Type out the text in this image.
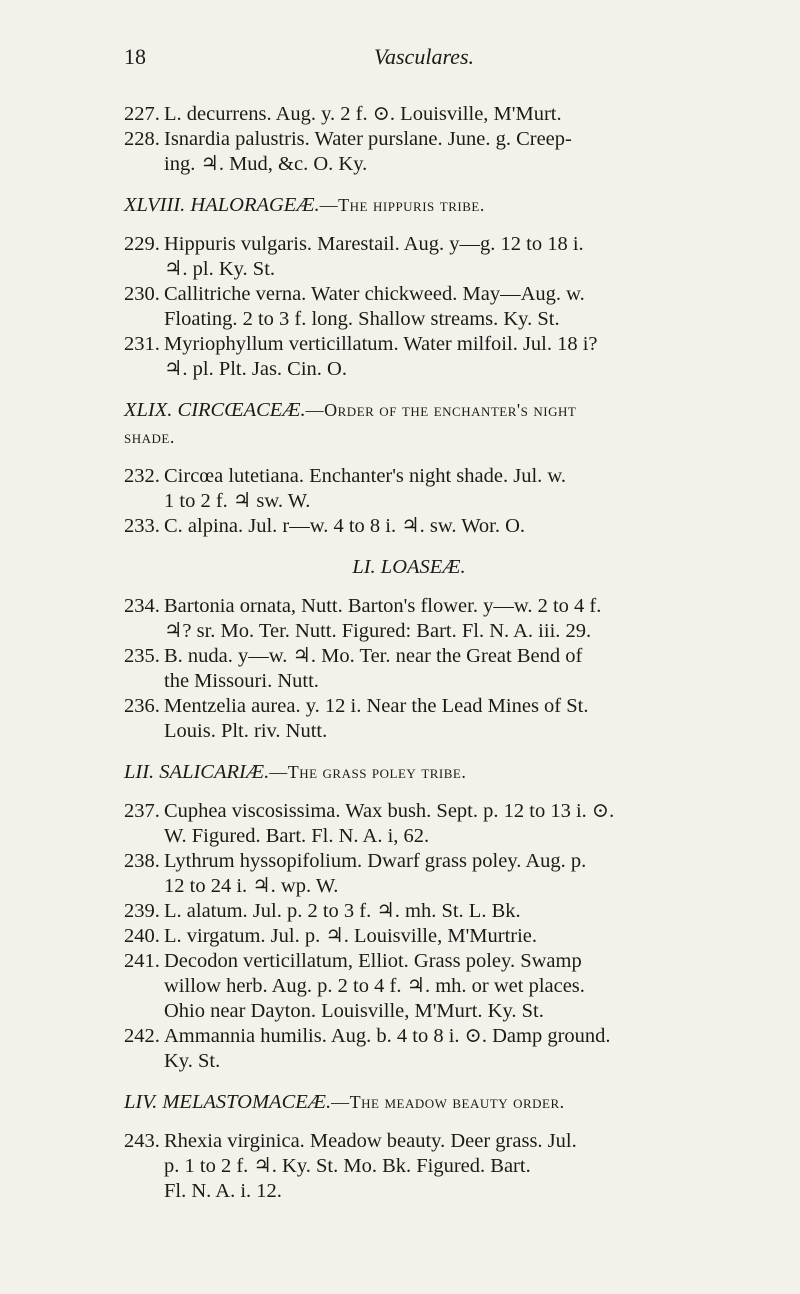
18	Vasculares.
227. L. decurrens. Aug. y. 2 f. ⊙. Louisville, M'Murt.
228. Isnardia palustris. Water purslane. June. g. Creep-
ing. ♃. Mud, &c. O. Ky.
XLVIII. HALORAGEÆ.—The hippuris tribe.
229. Hippuris vulgaris. Marestail. Aug. y—g. 12 to 18 i.
♃. pl. Ky. St.
230. Callitriche verna. Water chickweed. May—Aug. w.
Floating. 2 to 3 f. long. Shallow streams. Ky. St.
231. Myriophyllum verticillatum. Water milfoil. Jul. 18 i?
♃. pl. Plt. Jas. Cin. O.
XLIX. CIRCŒACEÆ.—Order of the enchanter's night
shade.
232. Circœa lutetiana. Enchanter's night shade. Jul. w.
1 to 2 f. ♃ sw. W.
233. C. alpina. Jul. r—w. 4 to 8 i. ♃. sw. Wor. O.
LI. LOASEÆ.
234. Bartonia ornata, Nutt. Barton's flower. y—w. 2 to 4 f.
♃? sr. Mo. Ter. Nutt. Figured: Bart. Fl. N. A. iii. 29.
235. B. nuda. y—w. ♃. Mo. Ter. near the Great Bend of
the Missouri. Nutt.
236. Mentzelia aurea. y. 12 i. Near the Lead Mines of St.
Louis. Plt. riv. Nutt.
LII. SALICARIÆ.—The grass poley tribe.
237. Cuphea viscosissima. Wax bush. Sept. p. 12 to 13 i. ⊙.
W. Figured. Bart. Fl. N. A. i, 62.
238. Lythrum hyssopifolium. Dwarf grass poley. Aug. p.
12 to 24 i. ♃. wp. W.
239. L. alatum. Jul. p. 2 to 3 f. ♃. mh. St. L. Bk.
240. L. virgatum. Jul. p. ♃. Louisville, M'Murtrie.
241. Decodon verticillatum, Elliot. Grass poley. Swamp
willow herb. Aug. p. 2 to 4 f. ♃. mh. or wet places.
Ohio near Dayton. Louisville, M'Murt. Ky. St.
242. Ammannia humilis. Aug. b. 4 to 8 i. ⊙. Damp ground.
Ky. St.
LIV. MELASTOMACEÆ.—The meadow beauty order.
243. Rhexia virginica. Meadow beauty. Deer grass. Jul.
p. 1 to 2 f. ♃. Ky. St. Mo. Bk. Figured. Bart.
Fl. N. A. i. 12.
